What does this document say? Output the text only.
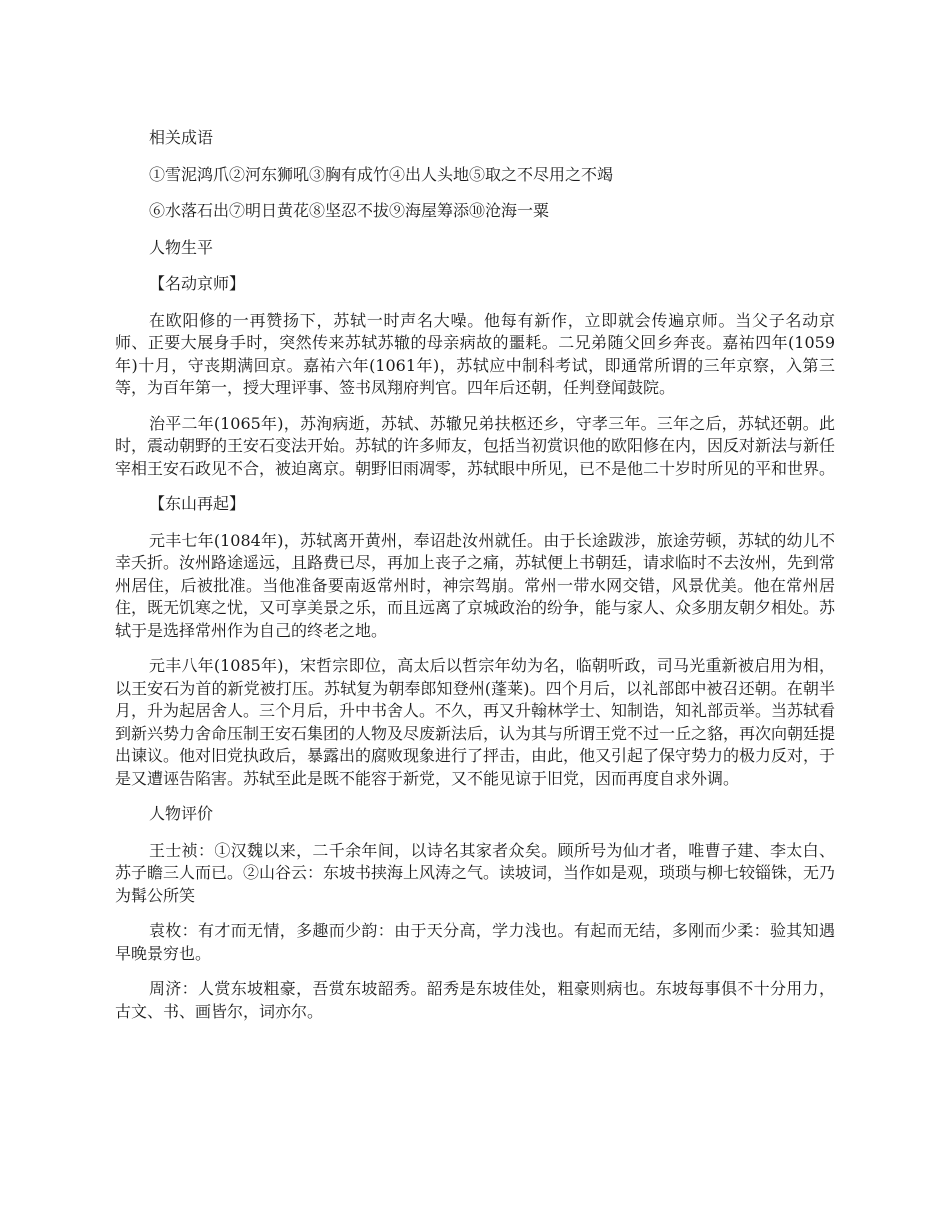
相关成语

①雪泥鸿爪②河东狮吼③胸有成竹④出人头地⑤取之不尽用之不竭

⑥水落石出⑦明日黄花⑧坚忍不拔⑨海屋筹添⑩沧海一粟

人物生平

【名动京师】

在欧阳修的一再赞扬下，苏轼一时声名大噪。他每有新作，立即就会传遍京师。当父子名动京师、正要大展身手时，突然传来苏轼苏辙的母亲病故的噩耗。二兄弟随父回乡奔丧。嘉祐四年(1059年)十月，守丧期满回京。嘉祐六年(1061年)，苏轼应中制科考试，即通常所谓的三年京察，入第三等，为百年第一，授大理评事、签书凤翔府判官。四年后还朝，任判登闻鼓院。

治平二年(1065年)，苏洵病逝，苏轼、苏辙兄弟扶柩还乡，守孝三年。三年之后，苏轼还朝。此时，震动朝野的王安石变法开始。苏轼的许多师友，包括当初赏识他的欧阳修在内，因反对新法与新任宰相王安石政见不合，被迫离京。朝野旧雨凋零，苏轼眼中所见，已不是他二十岁时所见的平和世界。

【东山再起】

元丰七年(1084年)，苏轼离开黄州，奉诏赴汝州就任。由于长途跋涉，旅途劳顿，苏轼的幼儿不幸夭折。汝州路途遥远，且路费已尽，再加上丧子之痛，苏轼便上书朝廷，请求临时不去汝州，先到常州居住，后被批准。当他准备要南返常州时，神宗驾崩。常州一带水网交错，风景优美。他在常州居住，既无饥寒之忧，又可享美景之乐，而且远离了京城政治的纷争，能与家人、众多朋友朝夕相处。苏轼于是选择常州作为自己的终老之地。

元丰八年(1085年)，宋哲宗即位，高太后以哲宗年幼为名，临朝听政，司马光重新被启用为相，以王安石为首的新党被打压。苏轼复为朝奉郎知登州(蓬莱)。四个月后，以礼部郎中被召还朝。在朝半月，升为起居舍人。三个月后，升中书舍人。不久，再又升翰林学士、知制诰，知礼部贡举。当苏轼看到新兴势力舍命压制王安石集团的人物及尽废新法后，认为其与所谓王党不过一丘之貉，再次向朝廷提出谏议。他对旧党执政后，暴露出的腐败现象进行了抨击，由此，他又引起了保守势力的极力反对，于是又遭诬告陷害。苏轼至此是既不能容于新党，又不能见谅于旧党，因而再度自求外调。

人物评价

王士祯：①汉魏以来，二千余年间，以诗名其家者众矣。顾所号为仙才者，唯曹子建、李太白、苏子瞻三人而已。②山谷云：东坡书挟海上风涛之气。读坡词，当作如是观，琐琐与柳七较锱铢，无乃为髯公所笑

袁枚：有才而无情，多趣而少韵：由于天分高，学力浅也。有起而无结，多刚而少柔：验其知遇早晚景穷也。

周济：人赏东坡粗豪，吾赏东坡韶秀。韶秀是东坡佳处，粗豪则病也。东坡每事俱不十分用力，古文、书、画皆尔，词亦尔。
